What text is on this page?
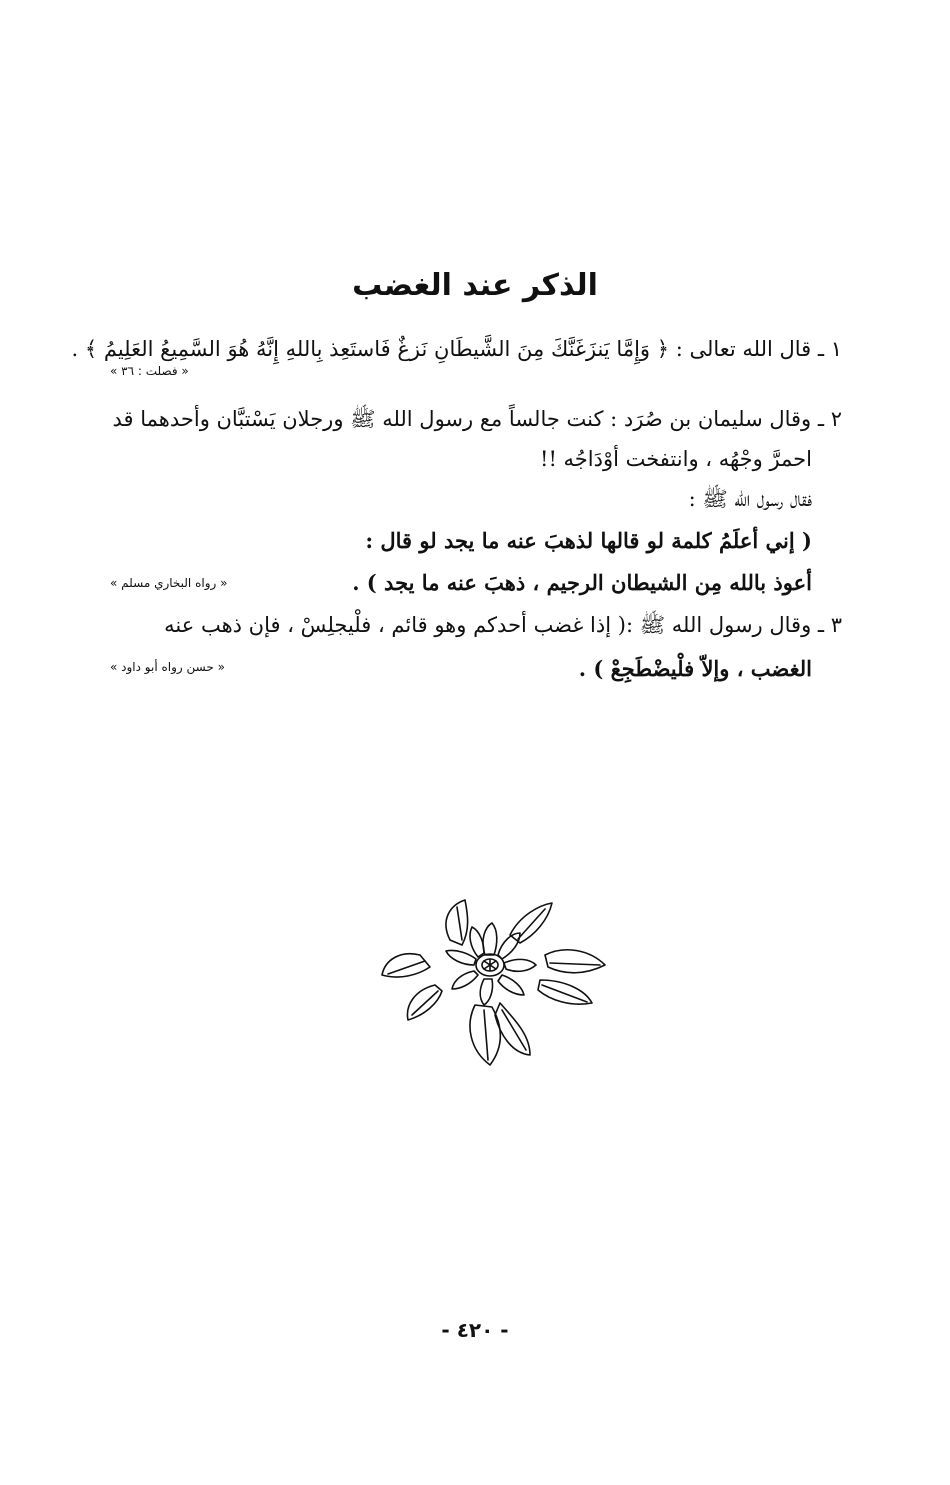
الذكر عند الغضب
١ ـ قال الله تعالى : ﴿ وَإِمَّا يَنزَغَنَّكَ مِنَ الشَّيطَانِ نَزغٌ فَاستَعِذ بِاللهِ إِنَّهُ هُوَ السَّمِيعُ العَلِيمُ ﴾ .
« فصلت : ٣٦ »
٢ ـ وقال سليمان بن صُرَد : كنت جالساً مع رسول الله ﷺ ورجلان يَسْتبَّان وأحدهما قد
احمرَّ وجْهُه ، وانتفخت أوْدَاجُه !!
فقال رسول الله ﷺ :
( إني أعلَمُ كلمة لو قالها لذهبَ عنه ما يجد لو قال :
أعوذ بالله مِن الشيطان الرجيم ، ذهبَ عنه ما يجد ) .
« رواه البخاري مسلم »
٣ ـ وقال رسول الله ﷺ :( إذا غضب أحدكم وهو قائم ، فلْيجلِسْ ، فإن ذهب عنه
الغضب ، وإلاّ فلْيضْطَجِعْ ) .
« حسن رواه أبو داود »
- ٤٢٠ -
